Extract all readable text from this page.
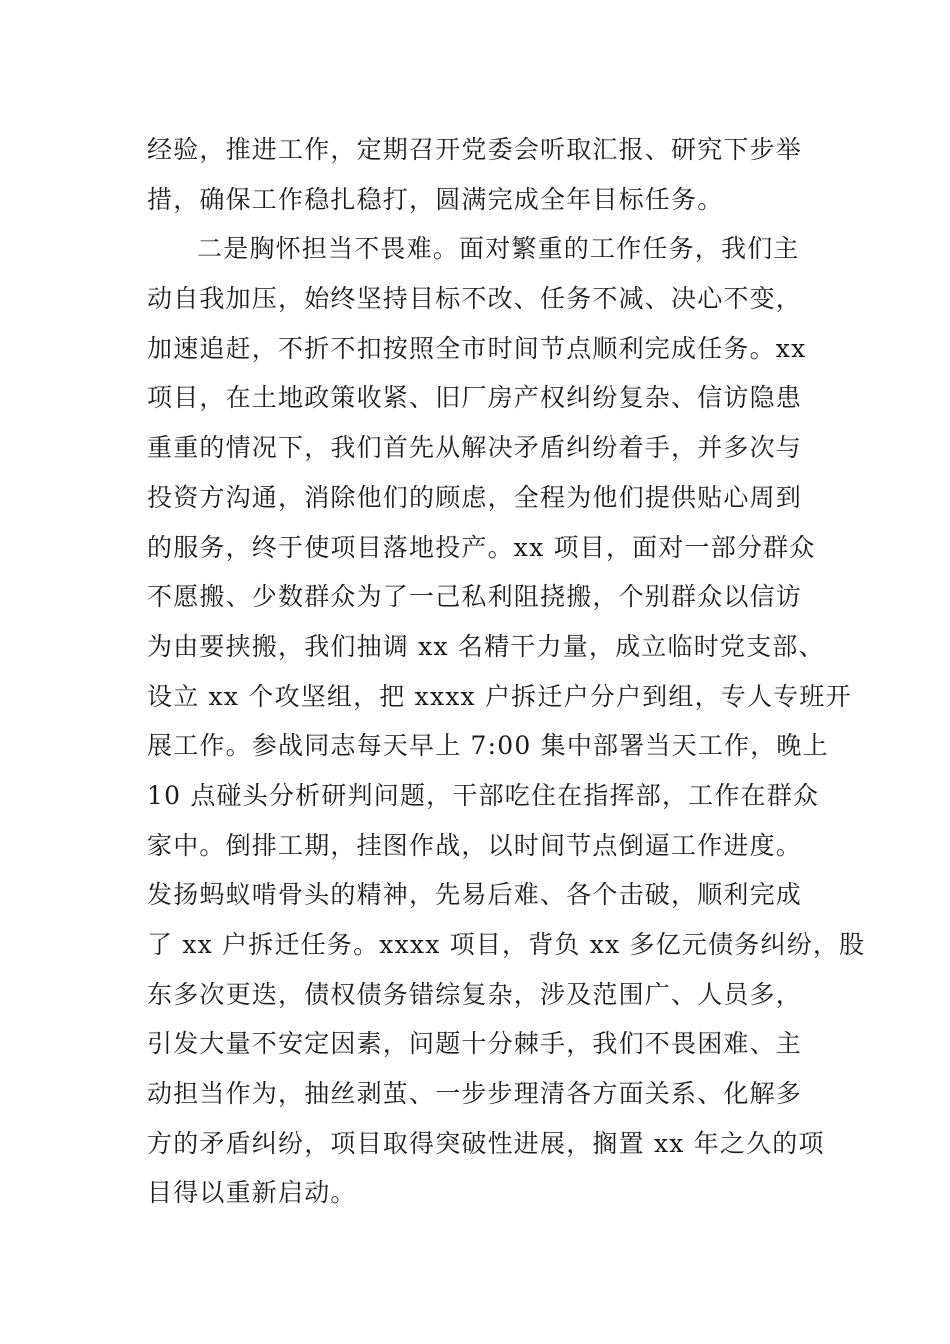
经验，推进工作，定期召开党委会听取汇报、研究下步举
措，确保工作稳扎稳打，圆满完成全年目标任务。
二是胸怀担当不畏难。面对繁重的工作任务，我们主
动自我加压，始终坚持目标不改、任务不减、决心不变，
加速追赶，不折不扣按照全市时间节点顺利完成任务。xx
项目，在土地政策收紧、旧厂房产权纠纷复杂、信访隐患
重重的情况下，我们首先从解决矛盾纠纷着手，并多次与
投资方沟通，消除他们的顾虑，全程为他们提供贴心周到
的服务，终于使项目落地投产。xx 项目，面对一部分群众
不愿搬、少数群众为了一己私利阻挠搬，个别群众以信访
为由要挟搬，我们抽调 xx 名精干力量，成立临时党支部、
设立 xx 个攻坚组，把 xxxx 户拆迁户分户到组，专人专班开
展工作。参战同志每天早上 7:00 集中部署当天工作，晚上
10 点碰头分析研判问题，干部吃住在指挥部，工作在群众
家中。倒排工期，挂图作战，以时间节点倒逼工作进度。
发扬蚂蚁啃骨头的精神，先易后难、各个击破，顺利完成
了 xx 户拆迁任务。xxxx 项目，背负 xx 多亿元债务纠纷，股
东多次更迭，债权债务错综复杂，涉及范围广、人员多，
引发大量不安定因素，问题十分棘手，我们不畏困难、主
动担当作为，抽丝剥茧、一步步理清各方面关系、化解多
方的矛盾纠纷，项目取得突破性进展，搁置 xx 年之久的项
目得以重新启动。
